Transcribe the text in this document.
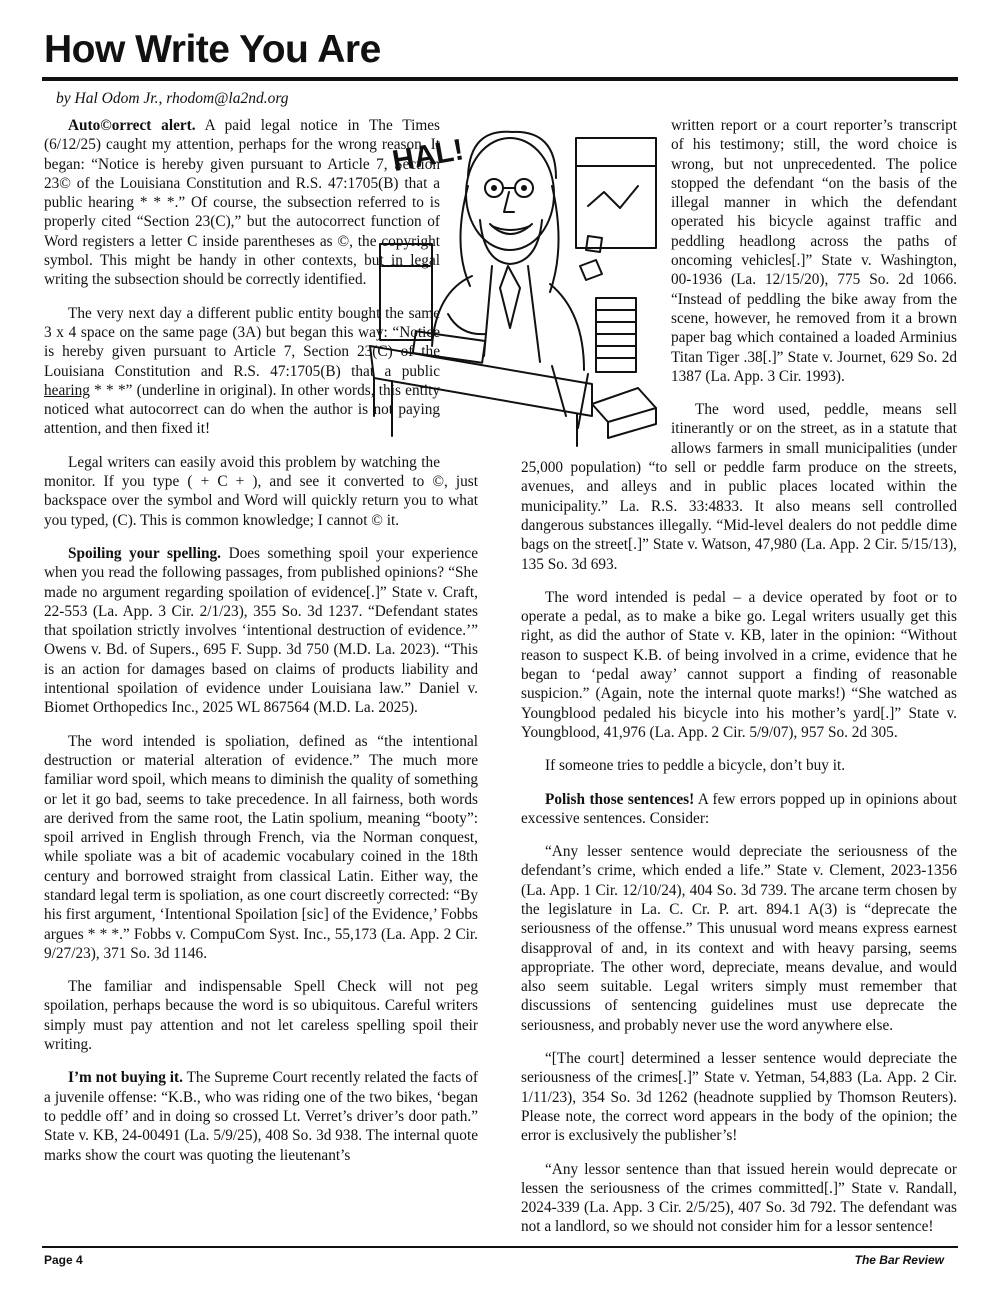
How Write You Are
by Hal Odom Jr., rhodom@la2nd.org
HAL!

Auto©orrect alert. A paid legal notice in The Times (6/12/25) caught my attention, perhaps for the wrong reason. It began: “Notice is hereby given pursuant to Article 7, Section 23© of the Louisiana Constitution and R.S. 47:1705(B) that a public hearing * * *.” Of course, the subsection referred to is properly cited “Section 23(C),” but the autocorrect function of Word registers a letter C inside parentheses as ©, the copyright symbol. This might be handy in other contexts, but in legal writing the subsection should be correctly identified.

The very next day a different public entity bought the same 3 x 4 space on the same page (3A) but began this way: “Notice is hereby given pursuant to Article 7, Section 23(C) of the Louisiana Constitution and R.S. 47:1705(B) that a public hearing * * *” (underline in original). In other words, this entity noticed what autocorrect can do when the author is not paying attention, and then fixed it!

Legal writers can easily avoid this problem by watching the monitor. If you type ( + C + ), and see it converted to ©, just backspace over the symbol and Word will quickly return you to what you typed, (C). This is common knowledge; I cannot © it.

Spoiling your spelling. Does something spoil your experience when you read the following passages, from published opinions? “She made no argument regarding spoilation of evidence[.]” State v. Craft, 22-553 (La. App. 3 Cir. 2/1/23), 355 So. 3d 1237. “Defendant states that spoilation strictly involves ‘intentional destruction of evidence.’” Owens v. Bd. of Supers., 695 F. Supp. 3d 750 (M.D. La. 2023). “This is an action for damages based on claims of products liability and intentional spoilation of evidence under Louisiana law.” Daniel v. Biomet Orthopedics Inc., 2025 WL 867564 (M.D. La. 2025).

The word intended is spoliation, defined as “the intentional destruction or material alteration of evidence.” The much more familiar word spoil, which means to diminish the quality of something or let it go bad, seems to take precedence. In all fairness, both words are derived from the same root, the Latin spolium, meaning “booty”: spoil arrived in English through French, via the Norman conquest, while spoliate was a bit of academic vocabulary coined in the 18th century and borrowed straight from classical Latin. Either way, the standard legal term is spoliation, as one court discreetly corrected: “By his first argument, ‘Intentional Spoilation [sic] of the Evidence,’ Fobbs argues * * *.” Fobbs v. CompuCom Syst. Inc., 55,173 (La. App. 2 Cir. 9/27/23), 371 So. 3d 1146.

The familiar and indispensable Spell Check will not peg spoilation, perhaps because the word is so ubiquitous. Careful writers simply must pay attention and not let careless spelling spoil their writing.

I’m not buying it. The Supreme Court recently related the facts of a juvenile offense: “K.B., who was riding one of the two bikes, ‘began to peddle off’ and in doing so crossed Lt. Verret’s driver’s door path.” State v. KB, 24-00491 (La. 5/9/25), 408 So. 3d 938. The internal quote marks show the court was quoting the lieutenant’s

written report or a court reporter’s transcript of his testimony; still, the word choice is wrong, but not unprecedented. The police stopped the defendant “on the basis of the illegal manner in which the defendant operated his bicycle against traffic and peddling headlong across the paths of oncoming vehicles[.]” State v. Washington, 00-1936 (La. 12/15/20), 775 So. 2d 1066. “Instead of peddling the bike away from the scene, however, he removed from it a brown paper bag which contained a loaded Arminius Titan Tiger .38[.]” State v. Journet, 629 So. 2d 1387 (La. App. 3 Cir. 1993).

The word used, peddle, means sell itinerantly or on the street, as in a statute that allows farmers in small municipalities (under 25,000 population) “to sell or peddle farm produce on the streets, avenues, and alleys and in public places located within the municipality.” La. R.S. 33:4833. It also means sell controlled dangerous substances illegally. “Mid-level dealers do not peddle dime bags on the street[.]” State v. Watson, 47,980 (La. App. 2 Cir. 5/15/13), 135 So. 3d 693.

The word intended is pedal – a device operated by foot or to operate a pedal, as to make a bike go. Legal writers usually get this right, as did the author of State v. KB, later in the opinion: “Without reason to suspect K.B. of being involved in a crime, evidence that he began to ‘pedal away’ cannot support a finding of reasonable suspicion.” (Again, note the internal quote marks!) “She watched as Youngblood pedaled his bicycle into his mother’s yard[.]” State v. Youngblood, 41,976 (La. App. 2 Cir. 5/9/07), 957 So. 2d 305.

If someone tries to peddle a bicycle, don’t buy it.

Polish those sentences! A few errors popped up in opinions about excessive sentences. Consider:

“Any lesser sentence would depreciate the seriousness of the defendant’s crime, which ended a life.” State v. Clement, 2023-1356 (La. App. 1 Cir. 12/10/24), 404 So. 3d 739. The arcane term chosen by the legislature in La. C. Cr. P. art. 894.1 A(3) is “deprecate the seriousness of the offense.” This unusual word means express earnest disapproval of and, in its context and with heavy parsing, seems appropriate. The other word, depreciate, means devalue, and would also seem suitable. Legal writers simply must remember that discussions of sentencing guidelines must use deprecate the seriousness, and probably never use the word anywhere else.

“[The court] determined a lesser sentence would depreciate the seriousness of the crimes[.]” State v. Yetman, 54,883 (La. App. 2 Cir. 1/11/23), 354 So. 3d 1262 (headnote supplied by Thomson Reuters). Please note, the correct word appears in the body of the opinion; the error is exclusively the publisher’s!

“Any lessor sentence than that issued herein would deprecate or lessen the seriousness of the crimes committed[.]” State v. Randall, 2024-339 (La. App. 3 Cir. 2/5/25), 407 So. 3d 792. The defendant was not a landlord, so we should not consider him for a lessor sentence!

Page 4	The Bar Review
